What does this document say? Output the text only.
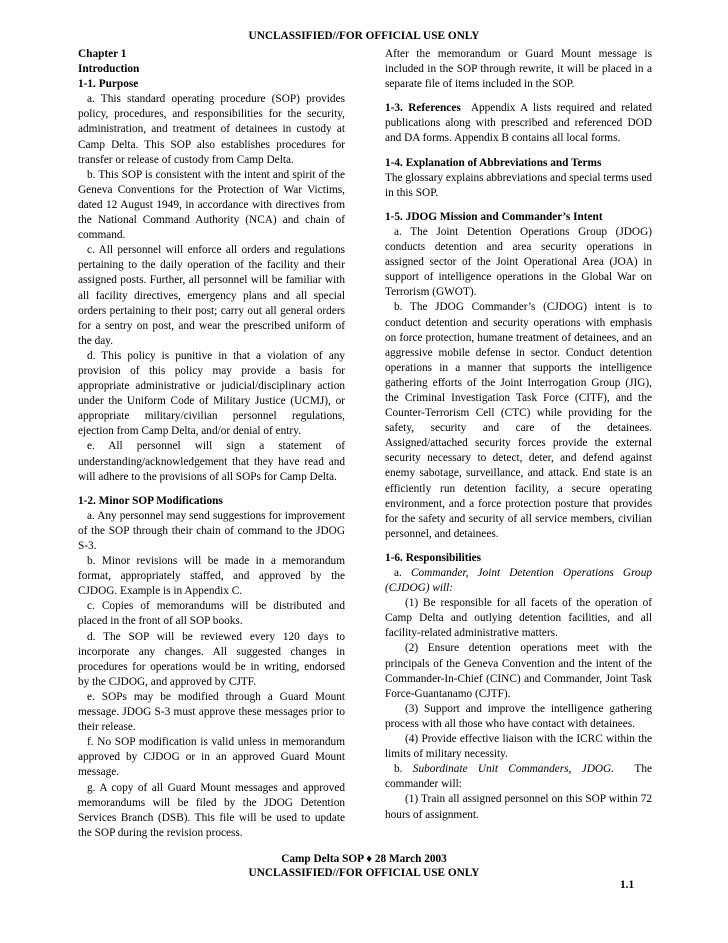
UNCLASSIFIED//FOR OFFICIAL USE ONLY

Chapter 1

Introduction

1-1. Purpose

a. This standard operating procedure (SOP) provides policy, procedures, and responsibilities for the security, administration, and treatment of detainees in custody at Camp Delta. This SOP also establishes procedures for transfer or release of custody from Camp Delta.

b. This SOP is consistent with the intent and spirit of the Geneva Conventions for the Protection of War Victims, dated 12 August 1949, in accordance with directives from the National Command Authority (NCA) and chain of command.

c. All personnel will enforce all orders and regulations pertaining to the daily operation of the facility and their assigned posts. Further, all personnel will be familiar with all facility directives, emergency plans and all special orders pertaining to their post; carry out all general orders for a sentry on post, and wear the prescribed uniform of the day.

d. This policy is punitive in that a violation of any provision of this policy may provide a basis for appropriate administrative or judicial/disciplinary action under the Uniform Code of Military Justice (UCMJ), or appropriate military/civilian personnel regulations, ejection from Camp Delta, and/or denial of entry.

e. All personnel will sign a statement of understanding/acknowledgement that they have read and will adhere to the provisions of all SOPs for Camp Delta.

1-2. Minor SOP Modifications

a. Any personnel may send suggestions for improvement of the SOP through their chain of command to the JDOG S-3.

b. Minor revisions will be made in a memorandum format, appropriately staffed, and approved by the CJDOG. Example is in Appendix C.

c. Copies of memorandums will be distributed and placed in the front of all SOP books.

d. The SOP will be reviewed every 120 days to incorporate any changes. All suggested changes in procedures for operations would be in writing, endorsed by the CJDOG, and approved by CJTF.

e. SOPs may be modified through a Guard Mount message. JDOG S-3 must approve these messages prior to their release.

f. No SOP modification is valid unless in memorandum approved by CJDOG or in an approved Guard Mount message.

g. A copy of all Guard Mount messages and approved memorandums will be filed by the JDOG Detention Services Branch (DSB). This file will be used to update the SOP during the revision process.

After the memorandum or Guard Mount message is included in the SOP through rewrite, it will be placed in a separate file of items included in the SOP.

1-3. References Appendix A lists required and related publications along with prescribed and referenced DOD and DA forms. Appendix B contains all local forms.

1-4. Explanation of Abbreviations and Terms

The glossary explains abbreviations and special terms used in this SOP.

1-5. JDOG Mission and Commander’s Intent

a. The Joint Detention Operations Group (JDOG) conducts detention and area security operations in assigned sector of the Joint Operational Area (JOA) in support of intelligence operations in the Global War on Terrorism (GWOT).

b. The JDOG Commander’s (CJDOG) intent is to conduct detention and security operations with emphasis on force protection, humane treatment of detainees, and an aggressive mobile defense in sector. Conduct detention operations in a manner that supports the intelligence gathering efforts of the Joint Interrogation Group (JIG), the Criminal Investigation Task Force (CITF), and the Counter-Terrorism Cell (CTC) while providing for the safety, security and care of the detainees. Assigned/attached security forces provide the external security necessary to detect, deter, and defend against enemy sabotage, surveillance, and attack. End state is an efficiently run detention facility, a secure operating environment, and a force protection posture that provides for the safety and security of all service members, civilian personnel, and detainees.

1-6. Responsibilities

a. Commander, Joint Detention Operations Group (CJDOG) will:

(1) Be responsible for all facets of the operation of Camp Delta and outlying detention facilities, and all facility-related administrative matters.

(2) Ensure detention operations meet with the principals of the Geneva Convention and the intent of the Commander-In-Chief (CINC) and Commander, Joint Task Force-Guantanamo (CJTF).

(3) Support and improve the intelligence gathering process with all those who have contact with detainees.

(4) Provide effective liaison with the ICRC within the limits of military necessity.

b. Subordinate Unit Commanders, JDOG. The commander will:

(1) Train all assigned personnel on this SOP within 72 hours of assignment.

Camp Delta SOP ♦ 28 March 2003
UNCLASSIFIED//FOR OFFICIAL USE ONLY
1.1
